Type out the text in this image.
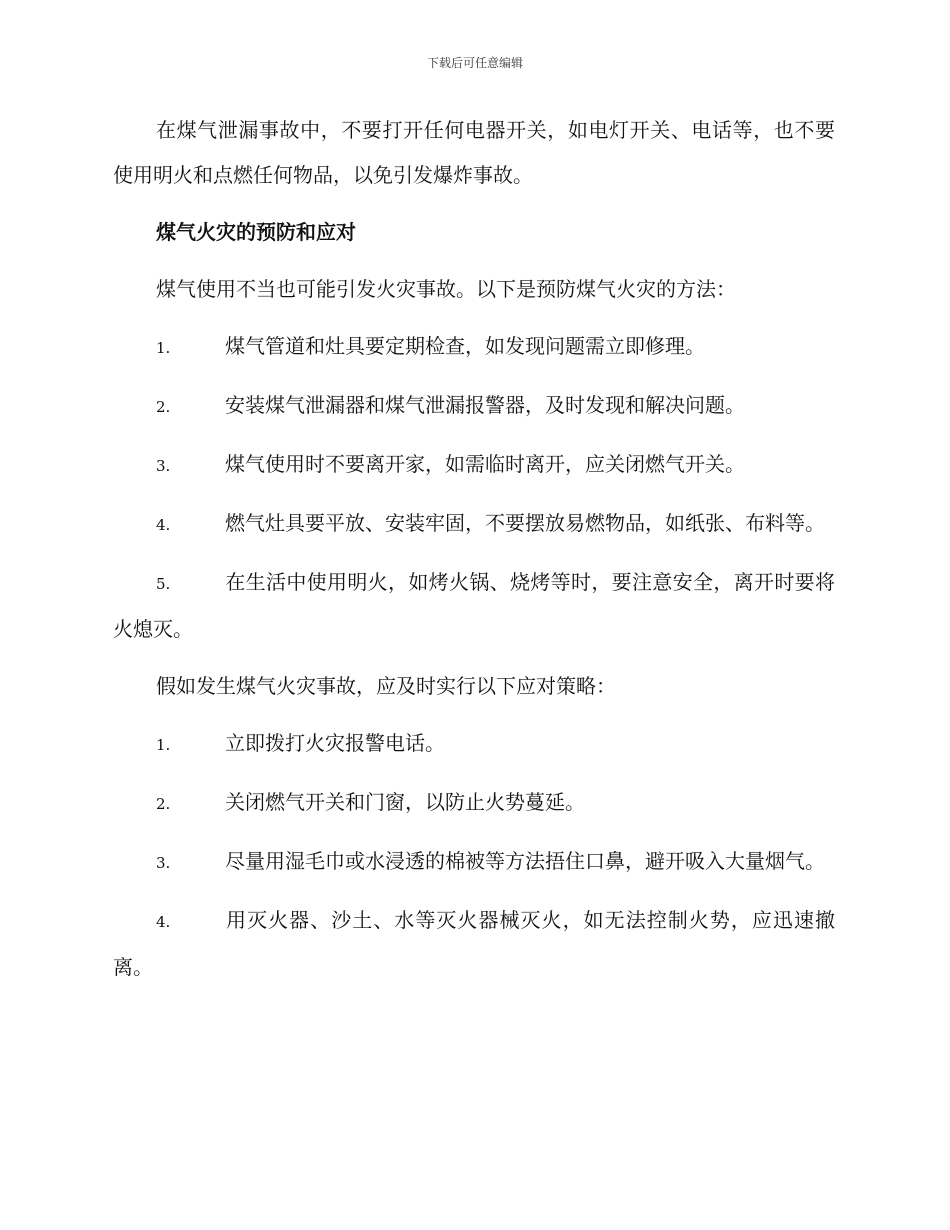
下载后可任意编辑

在煤气泄漏事故中，不要打开任何电器开关，如电灯开关、电话等，也不要使用明火和点燃任何物品，以免引发爆炸事故。

煤气火灾的预防和应对

煤气使用不当也可能引发火灾事故。以下是预防煤气火灾的方法：

1.	煤气管道和灶具要定期检查，如发现问题需立即修理。

2.	安装煤气泄漏器和煤气泄漏报警器，及时发现和解决问题。

3.	煤气使用时不要离开家，如需临时离开，应关闭燃气开关。

4.	燃气灶具要平放、安装牢固，不要摆放易燃物品，如纸张、布料等。

5.	在生活中使用明火，如烤火锅、烧烤等时，要注意安全，离开时要将火熄灭。

假如发生煤气火灾事故，应及时实行以下应对策略：

1.	立即拨打火灾报警电话。

2.	关闭燃气开关和门窗，以防止火势蔓延。

3.	尽量用湿毛巾或水浸透的棉被等方法捂住口鼻，避开吸入大量烟气。

4.	用灭火器、沙土、水等灭火器械灭火，如无法控制火势，应迅速撤离。
